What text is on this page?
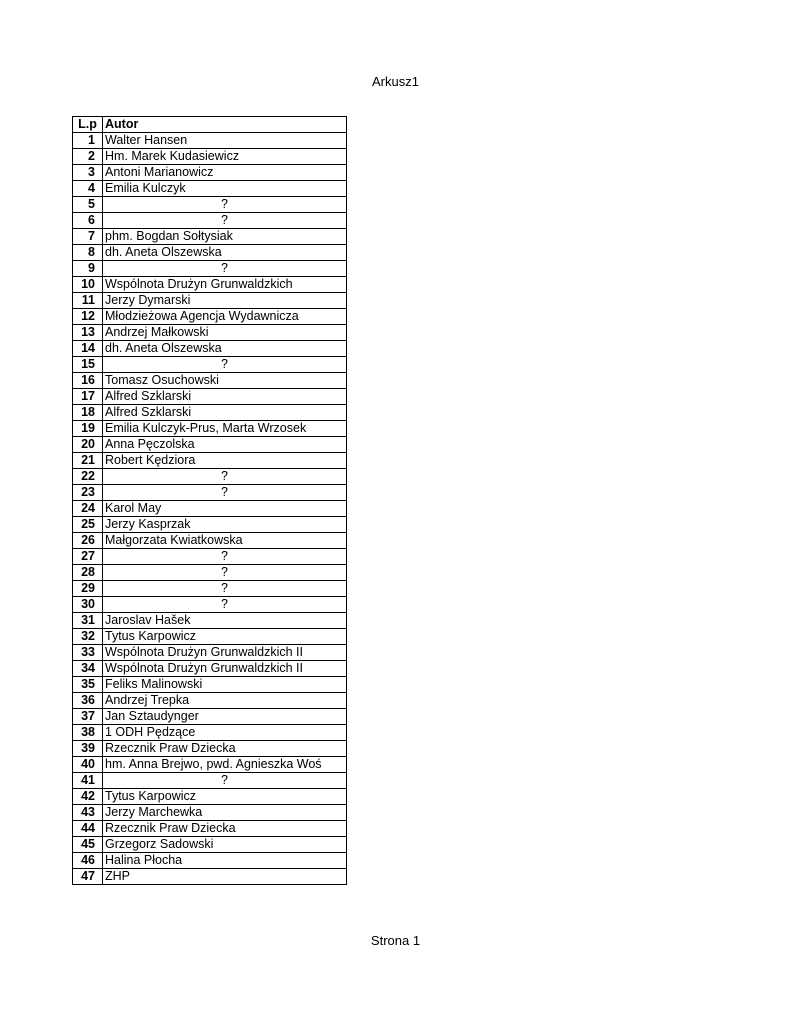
Arkusz1
L.p	Autor
1	Walter Hansen
2	Hm. Marek Kudasiewicz
3	Antoni Marianowicz
4	Emilia Kulczyk
5	?
6	?
7	phm. Bogdan Sołtysiak
8	dh. Aneta Olszewska
9	?
10	Wspólnota Drużyn Grunwaldzkich
11	Jerzy Dymarski
12	Młodzieżowa Agencja Wydawnicza
13	Andrzej Małkowski
14	dh. Aneta Olszewska
15	?
16	Tomasz Osuchowski
17	Alfred Szklarski
18	Alfred Szklarski
19	Emilia Kulczyk-Prus, Marta Wrzosek
20	Anna Pęczolska
21	Robert Kędziora
22	?
23	?
24	Karol May
25	Jerzy Kasprzak
26	Małgorzata Kwiatkowska
27	?
28	?
29	?
30	?
31	Jaroslav Hašek
32	Tytus Karpowicz
33	Wspólnota Drużyn Grunwaldzkich II
34	Wspólnota Drużyn Grunwaldzkich II
35	Feliks Malinowski
36	Andrzej Trepka
37	Jan Sztaudynger
38	1 ODH Pędzące
39	Rzecznik Praw Dziecka
40	hm. Anna Brejwo, pwd. Agnieszka Woś
41	?
42	Tytus Karpowicz
43	Jerzy Marchewka
44	Rzecznik Praw Dziecka
45	Grzegorz Sadowski
46	Halina Płocha
47	ZHP
Strona 1
